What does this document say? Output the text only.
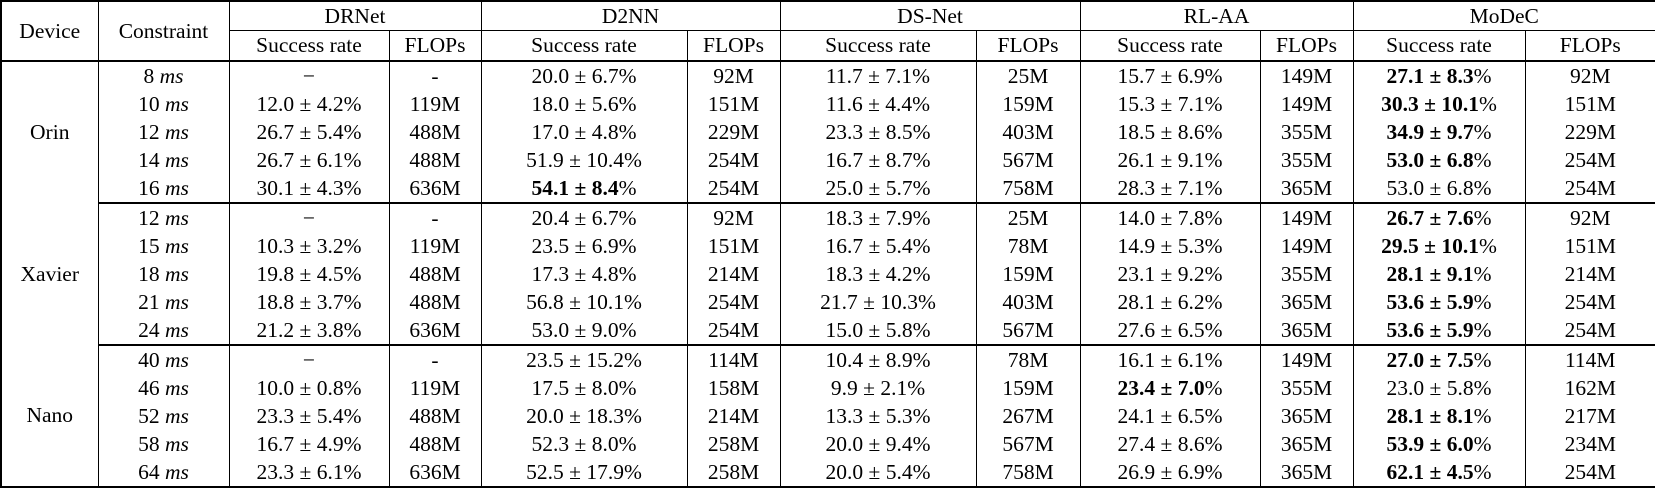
Device	Constraint	DRNet		D2NN		DS-Net		RL-AA		MoDeC	
		Success rate	FLOPs	Success rate	FLOPs	Success rate	FLOPs	Success rate	FLOPs	Success rate	FLOPs
Orin	8 ms	−	-	20.0 ± 6.7%	92M	11.7 ± 7.1%	25M	15.7 ± 6.9%	149M	27.1 ± 8.3%	92M
	10 ms	12.0 ± 4.2%	119M	18.0 ± 5.6%	151M	11.6 ± 4.4%	159M	15.3 ± 7.1%	149M	30.3 ± 10.1%	151M
	12 ms	26.7 ± 5.4%	488M	17.0 ± 4.8%	229M	23.3 ± 8.5%	403M	18.5 ± 8.6%	355M	34.9 ± 9.7%	229M
	14 ms	26.7 ± 6.1%	488M	51.9 ± 10.4%	254M	16.7 ± 8.7%	567M	26.1 ± 9.1%	355M	53.0 ± 6.8%	254M
	16 ms	30.1 ± 4.3%	636M	54.1 ± 8.4%	254M	25.0 ± 5.7%	758M	28.3 ± 7.1%	365M	53.0 ± 6.8%	254M
Xavier	12 ms	−	-	20.4 ± 6.7%	92M	18.3 ± 7.9%	25M	14.0 ± 7.8%	149M	26.7 ± 7.6%	92M
	15 ms	10.3 ± 3.2%	119M	23.5 ± 6.9%	151M	16.7 ± 5.4%	78M	14.9 ± 5.3%	149M	29.5 ± 10.1%	151M
	18 ms	19.8 ± 4.5%	488M	17.3 ± 4.8%	214M	18.3 ± 4.2%	159M	23.1 ± 9.2%	355M	28.1 ± 9.1%	214M
	21 ms	18.8 ± 3.7%	488M	56.8 ± 10.1%	254M	21.7 ± 10.3%	403M	28.1 ± 6.2%	365M	53.6 ± 5.9%	254M
	24 ms	21.2 ± 3.8%	636M	53.0 ± 9.0%	254M	15.0 ± 5.8%	567M	27.6 ± 6.5%	365M	53.6 ± 5.9%	254M
Nano	40 ms	−	-	23.5 ± 15.2%	114M	10.4 ± 8.9%	78M	16.1 ± 6.1%	149M	27.0 ± 7.5%	114M
	46 ms	10.0 ± 0.8%	119M	17.5 ± 8.0%	158M	9.9 ± 2.1%	159M	23.4 ± 7.0%	355M	23.0 ± 5.8%	162M
	52 ms	23.3 ± 5.4%	488M	20.0 ± 18.3%	214M	13.3 ± 5.3%	267M	24.1 ± 6.5%	365M	28.1 ± 8.1%	217M
	58 ms	16.7 ± 4.9%	488M	52.3 ± 8.0%	258M	20.0 ± 9.4%	567M	27.4 ± 8.6%	365M	53.9 ± 6.0%	234M
	64 ms	23.3 ± 6.1%	636M	52.5 ± 17.9%	258M	20.0 ± 5.4%	758M	26.9 ± 6.9%	365M	62.1 ± 4.5%	254M
